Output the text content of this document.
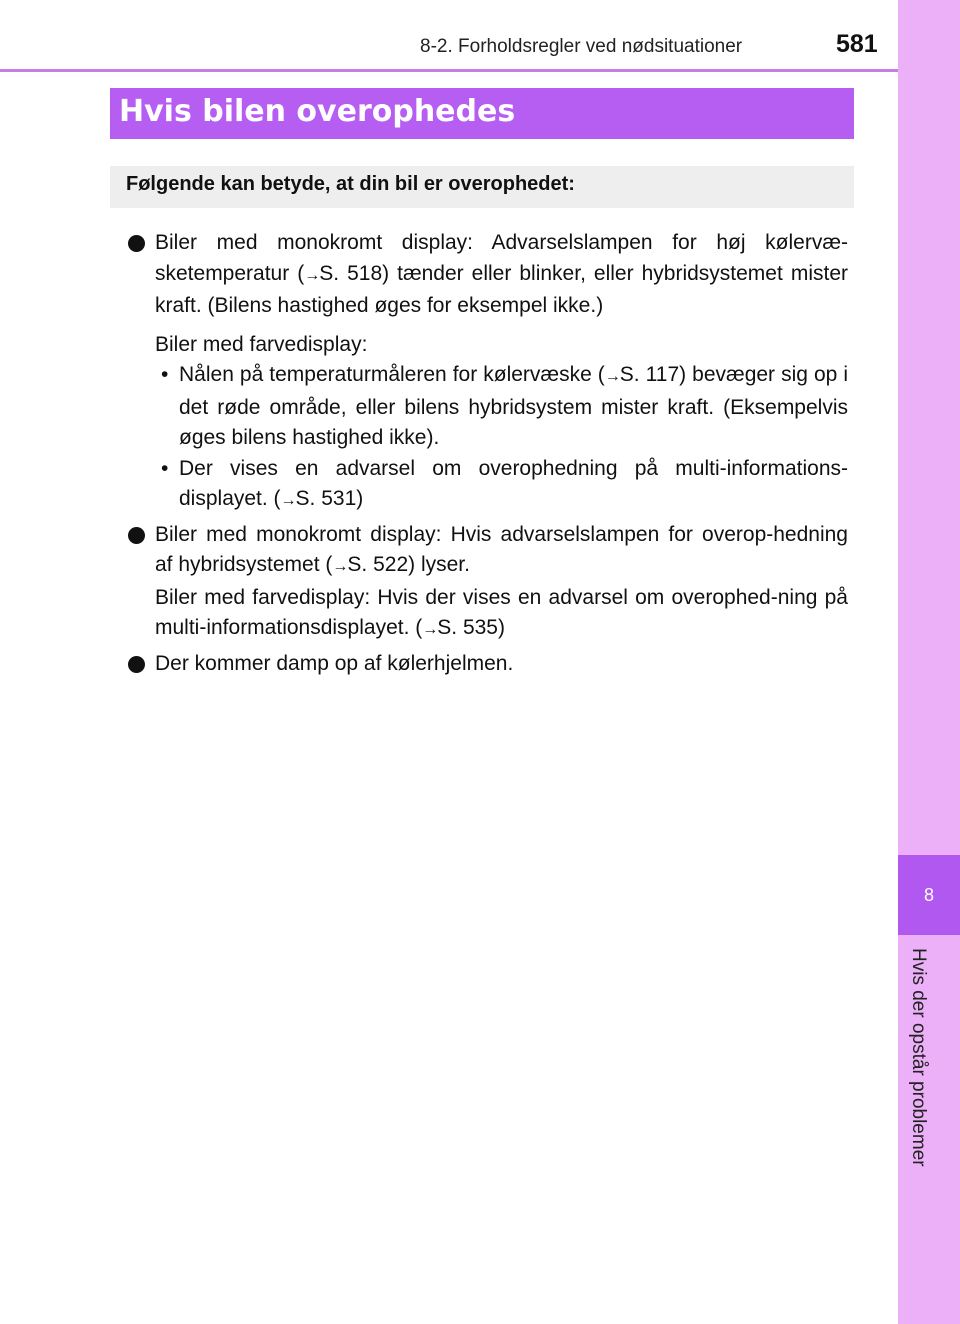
8-2. Forholdsregler ved nødsituationer	581
8
Hvis der opstår problemer
Hvis bilen overophedes
Følgende kan betyde, at din bil er overophedet:

Biler med monokromt display: Advarselslampen for høj kølervæ-sketemperatur (→S. 518) tænder eller blinker, eller hybridsystemet mister kraft. (Bilens hastighed øges for eksempel ikke.)

Biler med farvedisplay:

• Nålen på temperaturmåleren for kølervæske (→S. 117) bevæger sig op i det røde område, eller bilens hybridsystem mister kraft. (Eksempelvis øges bilens hastighed ikke).

• Der vises en advarsel om overophedning på multi-informations-displayet. (→S. 531)

Biler med monokromt display: Hvis advarselslampen for overop-hedning af hybridsystemet (→S. 522) lyser.

Biler med farvedisplay: Hvis der vises en advarsel om overophed-ning på multi-informationsdisplayet. (→S. 535)

Der kommer damp op af kølerhjelmen.
